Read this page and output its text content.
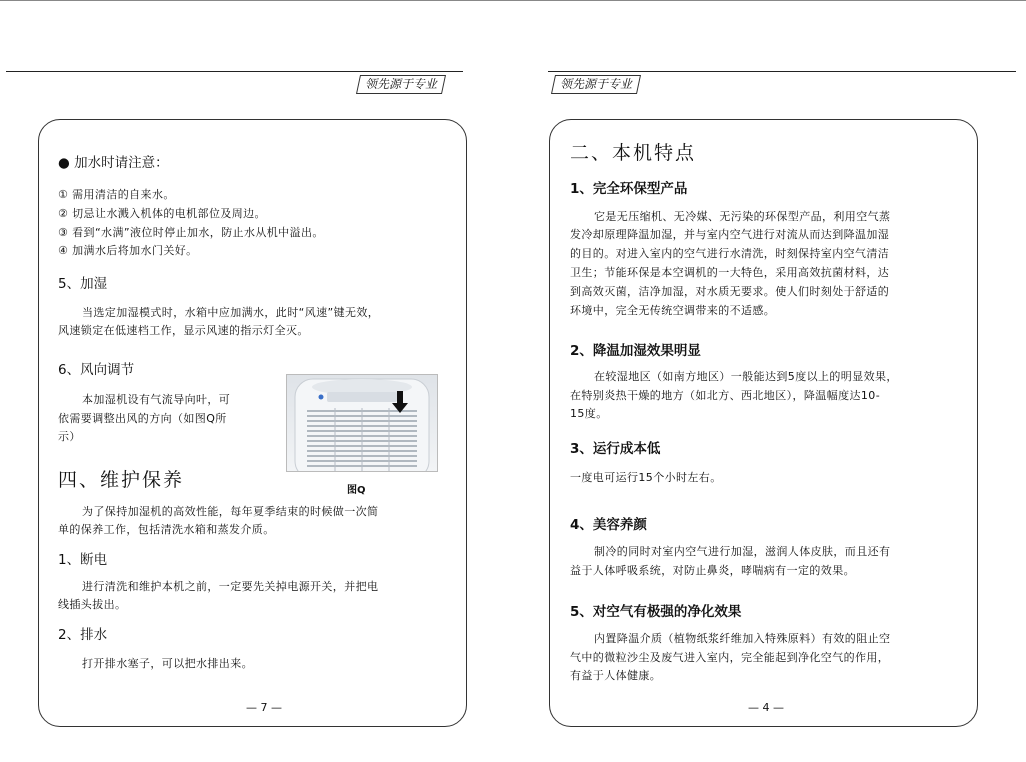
领先源于专业	领先源于专业
● 加水时请注意：
① 需用清洁的自来水。
② 切忌让水溅入机体的电机部位及周边。
③ 看到“水满”液位时停止加水，防止水从机中溢出。
④ 加满水后将加水门关好。
5、加湿
当选定加湿模式时，水箱中应加满水，此时“风速”键无效，
风速锁定在低速档工作，显示风速的指示灯全灭。
6、风向调节
本加湿机设有气流导向叶，可
依需要调整出风的方向（如图Q所
示）
图Q
四、维护保养
为了保持加湿机的高效性能，每年夏季结束的时候做一次简
单的保养工作，包括清洗水箱和蒸发介质。
1、断电
进行清洗和维护本机之前，一定要先关掉电源开关，并把电
线插头拔出。
2、排水
打开排水塞子，可以把水排出来。
— 7 —
二、本机特点
1、完全环保型产品
它是无压缩机、无冷媒、无污染的环保型产品，利用空气蒸
发冷却原理降温加湿，并与室内空气进行对流从而达到降温加湿
的目的。对进入室内的空气进行水清洗，时刻保持室内空气清洁
卫生；节能环保是本空调机的一大特色，采用高效抗菌材料，达
到高效灭菌，洁净加湿，对水质无要求。使人们时刻处于舒适的
环境中，完全无传统空调带来的不适感。
2、降温加湿效果明显
在较湿地区（如南方地区）一般能达到5度以上的明显效果，
在特别炎热干燥的地方（如北方、西北地区），降温幅度达10-
15度。
3、运行成本低
一度电可运行15个小时左右。
4、美容养颜
制冷的同时对室内空气进行加湿，滋润人体皮肤，而且还有
益于人体呼吸系统，对防止鼻炎，哮喘病有一定的效果。
5、对空气有极强的净化效果
内置降温介质（植物纸浆纤维加入特殊原料）有效的阻止空
气中的微粒沙尘及废气进入室内，完全能起到净化空气的作用，
有益于人体健康。
— 4 —
